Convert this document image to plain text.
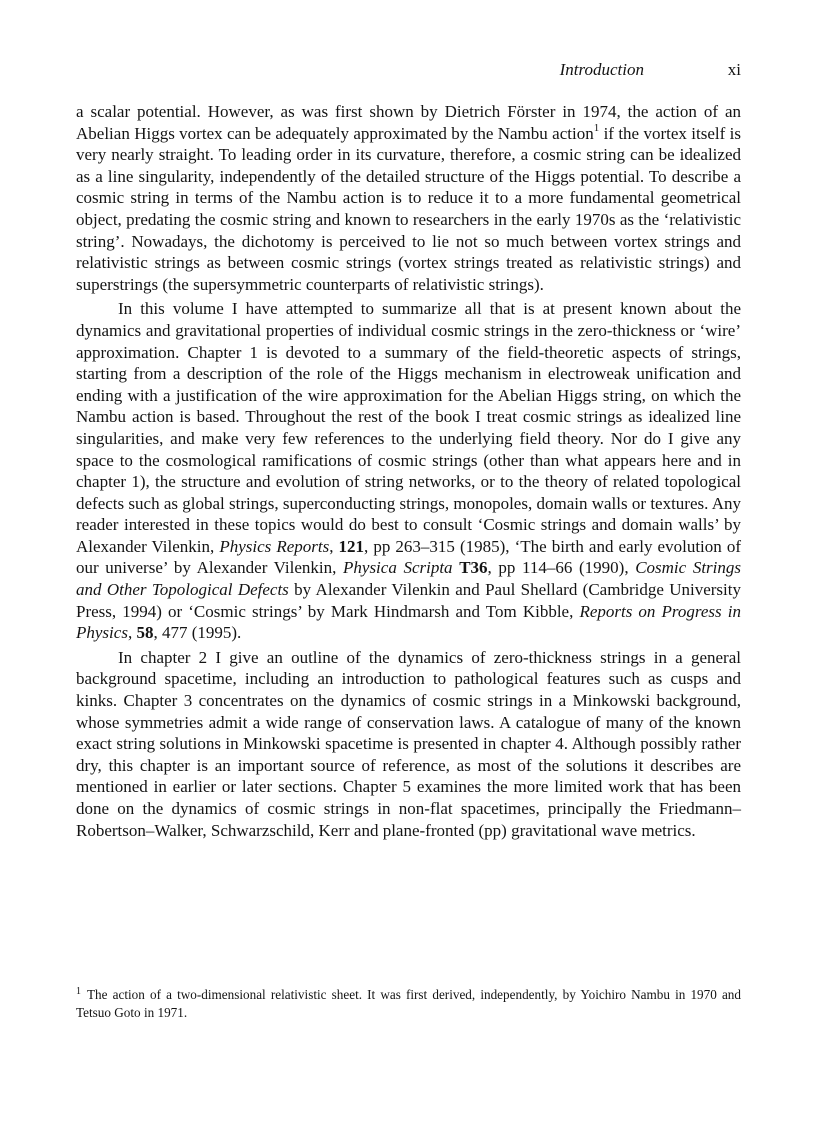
Introduction	xi

a scalar potential. However, as was first shown by Dietrich Förster in 1974, the action of an Abelian Higgs vortex can be adequately approximated by the Nambu action$^1$ if the vortex itself is very nearly straight. To leading order in its curvature, therefore, a cosmic string can be idealized as a line singularity, independently of the detailed structure of the Higgs potential. To describe a cosmic string in terms of the Nambu action is to reduce it to a more fundamental geometrical object, predating the cosmic string and known to researchers in the early 1970s as the ‘relativistic string’. Nowadays, the dichotomy is perceived to lie not so much between vortex strings and relativistic strings as between cosmic strings (vortex strings treated as relativistic strings) and superstrings (the supersymmetric counterparts of relativistic strings).

In this volume I have attempted to summarize all that is at present known about the dynamics and gravitational properties of individual cosmic strings in the zero-thickness or ‘wire’ approximation. Chapter 1 is devoted to a summary of the field-theoretic aspects of strings, starting from a description of the role of the Higgs mechanism in electroweak unification and ending with a justification of the wire approximation for the Abelian Higgs string, on which the Nambu action is based. Throughout the rest of the book I treat cosmic strings as idealized line singularities, and make very few references to the underlying field theory. Nor do I give any space to the cosmological ramifications of cosmic strings (other than what appears here and in chapter 1), the structure and evolution of string networks, or to the theory of related topological defects such as global strings, superconducting strings, monopoles, domain walls or textures. Any reader interested in these topics would do best to consult ‘Cosmic strings and domain walls’ by Alexander Vilenkin, Physics Reports, 121, pp 263–315 (1985), ‘The birth and early evolution of our universe’ by Alexander Vilenkin, Physica Scripta T36, pp 114–66 (1990), Cosmic Strings and Other Topological Defects by Alexander Vilenkin and Paul Shellard (Cambridge University Press, 1994) or ‘Cosmic strings’ by Mark Hindmarsh and Tom Kibble, Reports on Progress in Physics, 58, 477 (1995).

In chapter 2 I give an outline of the dynamics of zero-thickness strings in a general background spacetime, including an introduction to pathological features such as cusps and kinks. Chapter 3 concentrates on the dynamics of cosmic strings in a Minkowski background, whose symmetries admit a wide range of conservation laws. A catalogue of many of the known exact string solutions in Minkowski spacetime is presented in chapter 4. Although possibly rather dry, this chapter is an important source of reference, as most of the solutions it describes are mentioned in earlier or later sections. Chapter 5 examines the more limited work that has been done on the dynamics of cosmic strings in non-flat spacetimes, principally the Friedmann–Robertson–Walker, Schwarzschild, Kerr and plane-fronted (pp) gravitational wave metrics.

$^1$ The action of a two-dimensional relativistic sheet. It was first derived, independently, by Yoichiro Nambu in 1970 and Tetsuo Goto in 1971.
